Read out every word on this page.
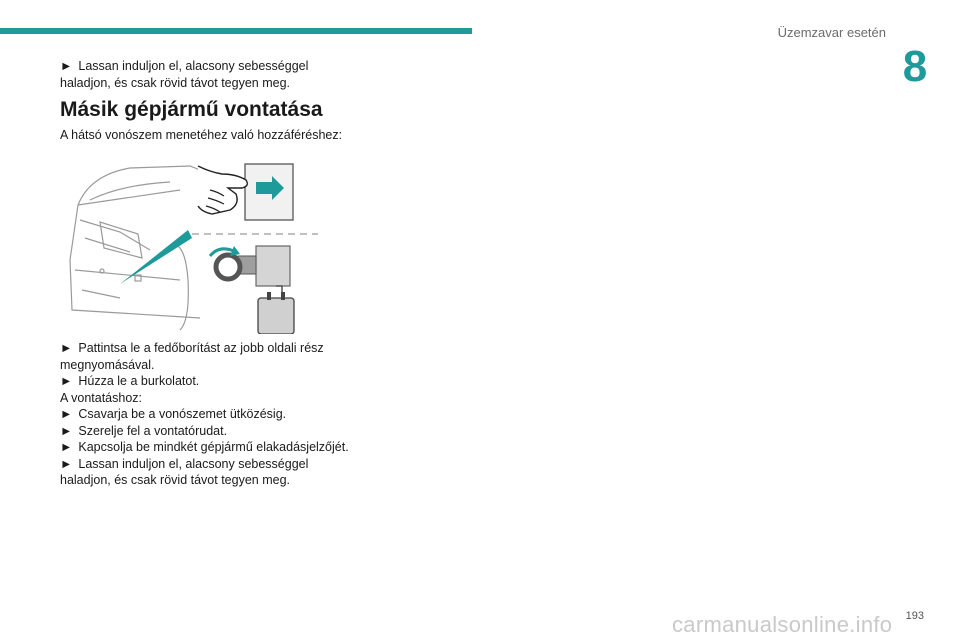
Üzemzavar esetén
8

► Lassan induljon el, alacsony sebességgel haladjon, és csak rövid távot tegyen meg.

Másik gépjármű vontatása

A hátsó vonószem menetéhez való hozzáféréshez:

► Pattintsa le a fedőborítást az jobb oldali rész megnyomásával.

► Húzza le a burkolatot.

A vontatáshoz:

► Csavarja be a vonószemet ütközésig.

► Szerelje fel a vontatórudat.

► Kapcsolja be mindkét gépjármű elakadásjelzőjét.

► Lassan induljon el, alacsony sebességgel haladjon, és csak rövid távot tegyen meg.

carmanualsonline.info 193
